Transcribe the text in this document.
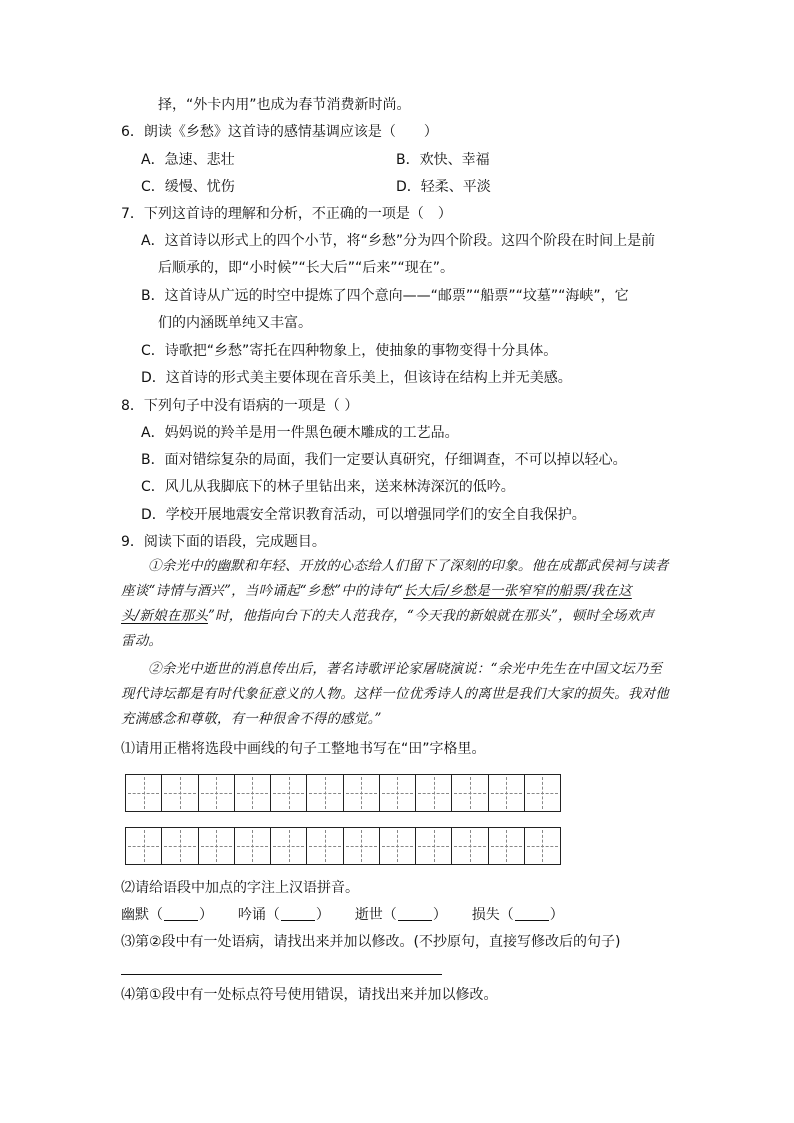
择，“外卡内用”也成为春节消费新时尚。
6．朗读《乡愁》这首诗的感情基调应该是（　　）
A．急速、悲壮	B．欢快、幸福
C．缓慢、忧伤	D．轻柔、平淡
7．下列这首诗的理解和分析，不正确的一项是（　）
A．这首诗以形式上的四个小节，将“乡愁”分为四个阶段。这四个阶段在时间上是前
后顺承的，即“小时候”“长大后”“后来”“现在”。
B．这首诗从广远的时空中提炼了四个意向——“邮票”“船票”“坟墓”“海峡”，它
们的内涵既单纯又丰富。
C．诗歌把“乡愁”寄托在四种物象上，使抽象的事物变得十分具体。
D．这首诗的形式美主要体现在音乐美上，但该诗在结构上并无美感。
8．下列句子中没有语病的一项是（ ）
A．妈妈说的羚羊是用一件黑色硬木雕成的工艺品。
B．面对错综复杂的局面，我们一定要认真研究，仔细调查，不可以掉以轻心。
C．风儿从我脚底下的林子里钻出来，送来林涛深沉的低吟。
D．学校开展地震安全常识教育活动，可以增强同学们的安全自我保护。
9．阅读下面的语段，完成题目。
①余光中的幽默和年轻、开放的心态给人们留下了深刻的印象。他在成都武侯祠与读者
座谈“诗情与酒兴”，当吟诵起“乡愁”中的诗句“长大后/乡愁是一张窄窄的船票/我在这
头/新娘在那头”时，他指向台下的夫人范我存，“今天我的新娘就在那头”，顿时全场欢声
雷动。
②余光中逝世的消息传出后，著名诗歌评论家屠晓演说：“余光中先生在中国文坛乃至
现代诗坛都是有时代象征意义的人物。这样一位优秀诗人的离世是我们大家的损失。我对他
充满感念和尊敬，有一种很舍不得的感觉。”
⑴请用正楷将选段中画线的句子工整地书写在“田”字格里。
⑵请给语段中加点的字注上汉语拼音。
幽默（	） 吟诵（	） 逝世（	） 损失（	）
⑶第②段中有一处语病，请找出来并加以修改。(不抄原句，直接写修改后的句子)
⑷第①段中有一处标点符号使用错误，请找出来并加以修改。
